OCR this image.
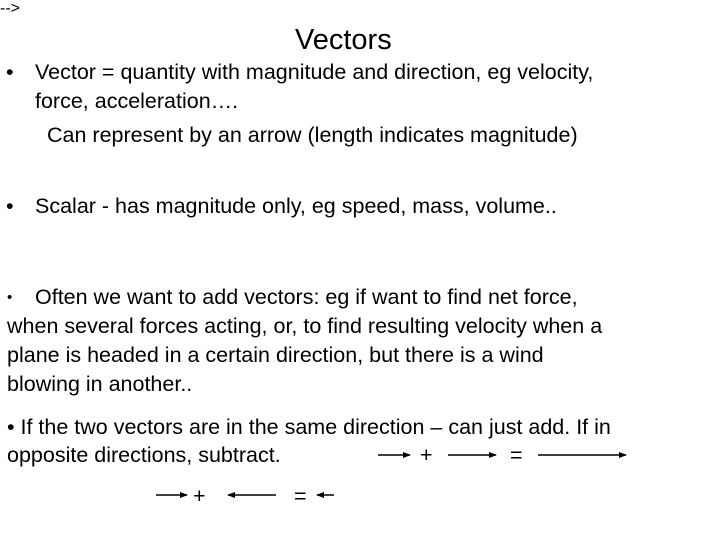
Vectors
• Vector = quantity with magnitude and direction, eg velocity,
force, acceleration….
Can represent by an arrow (length indicates magnitude)
• Scalar - has magnitude only, eg speed, mass, volume..
• Often we want to add vectors: eg if want to find net force,
when several forces acting, or, to find resulting velocity when a
plane is headed in a certain direction, but there is a wind
blowing in another..
• If the two vectors are in the same direction – can just add. If in
opposite directions, subtract.
-->
+	=
+	=
